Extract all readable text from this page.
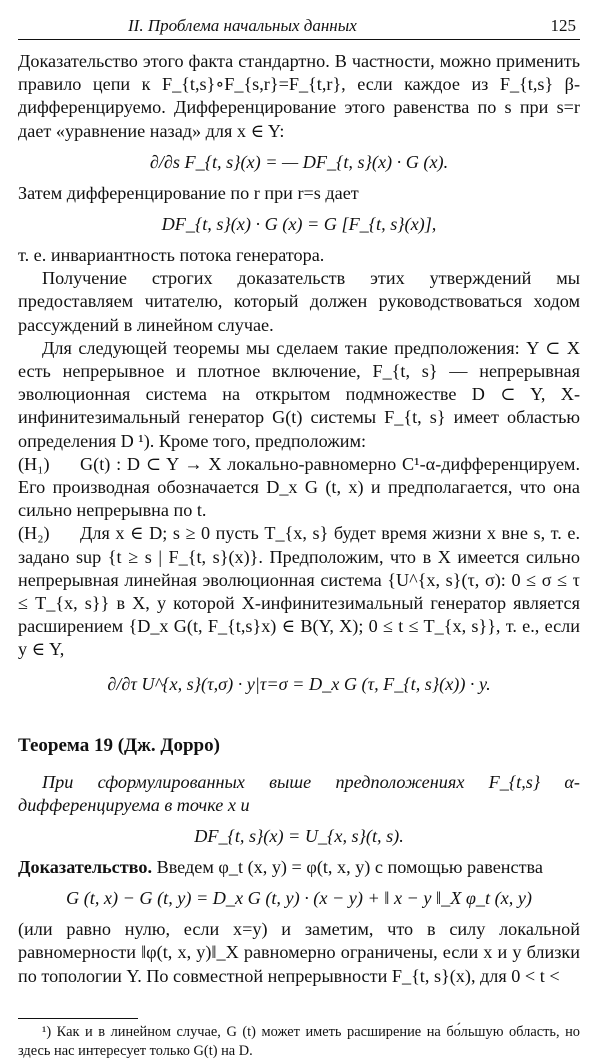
II. Проблема начальных данных	125

Доказательство этого факта стандартно. В частности, можно применить правило цепи к F_{t,s}∘F_{s,r}=F_{t,r}, если каждое из F_{t,s} β-дифференцируемо. Дифференцирование этого равенства по s при s=r дает «уравнение назад» для x ∈ Y:

∂/∂s F_{t, s}(x) = — DF_{t, s}(x) · G (x).

Затем дифференцирование по r при r=s дает

DF_{t, s}(x) · G (x) = G [F_{t, s}(x)],

т. е. инвариантность потока генератора.

Получение строгих доказательств этих утверждений мы предоставляем читателю, который должен руководствоваться ходом рассуждений в линейном случае.

Для следующей теоремы мы сделаем такие предположения: Y ⊂ X есть непрерывное и плотное включение, F_{t, s} — непрерывная эволюционная система на открытом подмножестве D ⊂ Y, X-инфинитезимальный генератор G(t) системы F_{t, s} имеет областью определения D ¹). Кроме того, предположим:

(H₁) G(t) : D ⊂ Y → X локально-равномерно C¹-α-дифференцируем. Его производная обозначается D_x G (t, x) и предполагается, что она сильно непрерывна по t.

(H₂) Для x ∈ D; s ≥ 0 пусть T_{x, s} будет время жизни x вне s, т. е. задано sup {t ≥ s | F_{t, s}(x)}. Предположим, что в X имеется сильно непрерывная линейная эволюционная система {U^{x, s}(τ, σ): 0 ≤ σ ≤ τ ≤ T_{x, s}} в X, у которой X-инфинитезимальный генератор является расширением {D_x G(t, F_{t,s}x) ∈ B(Y, X); 0 ≤ t ≤ T_{x, s}}, т. е., если y ∈ Y,

∂/∂τ U^{x, s}(τ,σ) · y|τ=σ = D_x G (τ, F_{t, s}(x)) · y.
Теорема 19 (Дж. Дорро)

При сформулированных выше предположениях F_{t,s} α-дифференцируема в точке x и

DF_{t, s}(x) = U_{x, s}(t, s).

Доказательство. Введем φ_t (x, y) = φ(t, x, y) с помощью равенства

G (t, x) − G (t, y) = D_x G (t, y) · (x − y) + ‖ x − y ‖_X φ_t (x, y)

(или равно нулю, если x=y) и заметим, что в силу локальной равномерности ‖φ(t, x, y)‖_X равномерно ограничены, если x и y близки по топологии Y. По совместной непрерывности F_{t, s}(x), для 0 < t <

¹) Как и в линейном случае, G (t) может иметь расширение на бо́льшую область, но здесь нас интересует только G(t) на D.
